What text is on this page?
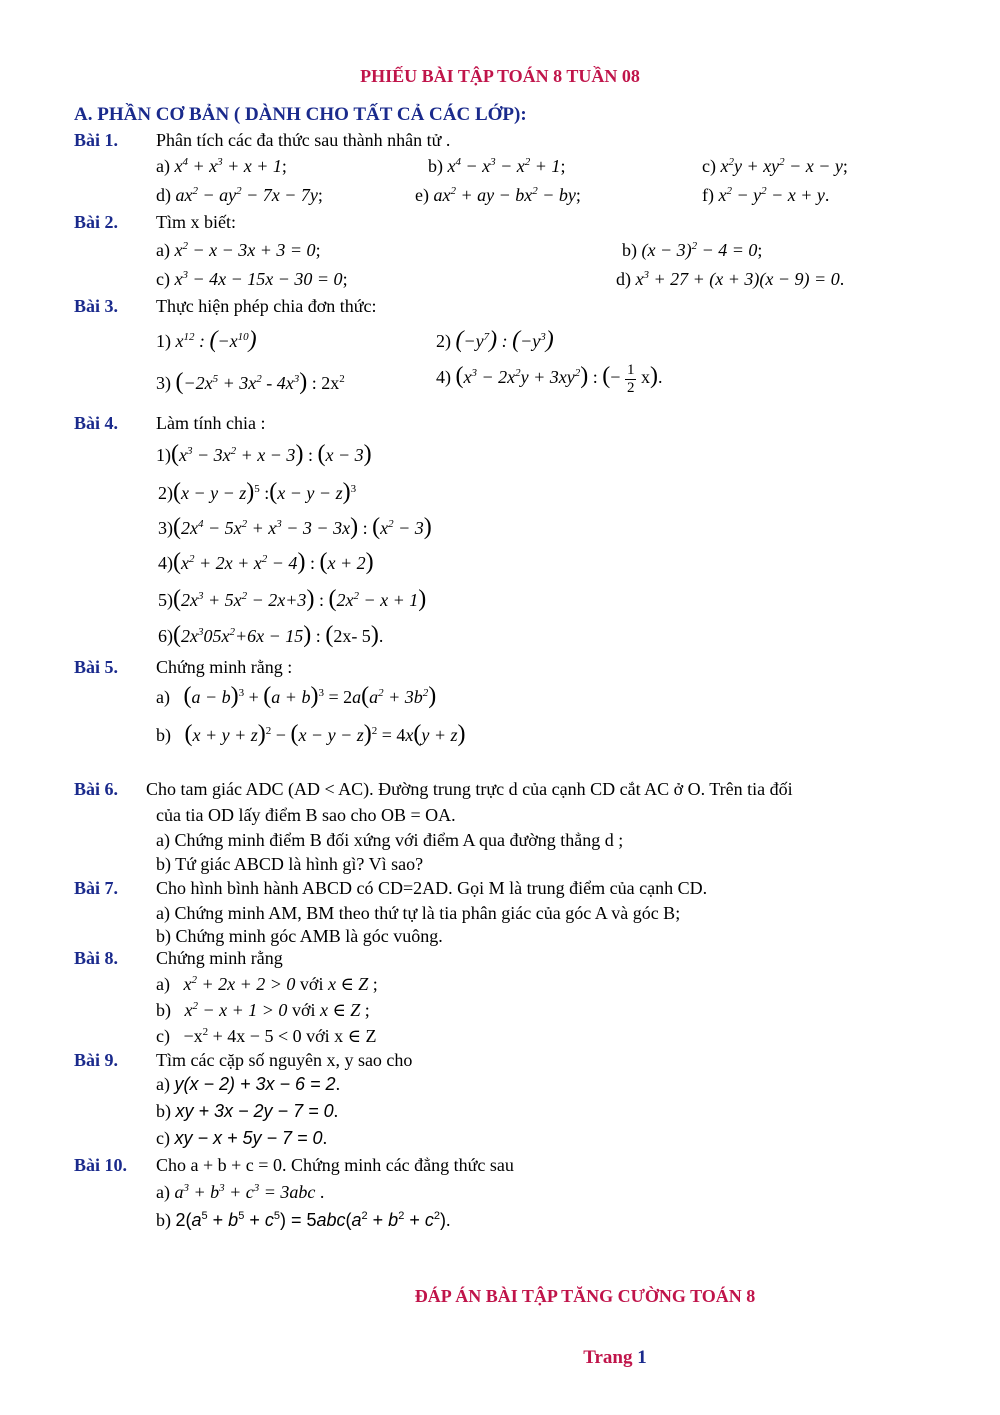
PHIẾU BÀI TẬP TOÁN 8 TUẦN 08
A. PHẦN CƠ BẢN ( DÀNH CHO TẤT CẢ CÁC LỚP):
Bài 1. Phân tích các đa thức sau thành nhân tử .
a) $x^4 + x^3 + x + 1$;	b) $x^4 - x^3 - x^2 + 1$;	c) $x^2y + xy^2 - x - y$;
d) $ax^2 - ay^2 - 7x - 7y$;	e) $ax^2$ + ay − $bx^2$ − by;	f) $x^2 - y^2 - x + y$.
Bài 2. Tìm x biết:
a) $x^2 - x - 3x + 3 = 0$;	b) $(x - 3)^2 - 4 = 0$;
c) $x^3 - 4x - 15x - 30 = 0$;	d) $x^3 + 27 + (x + 3)(x - 9) = 0$.
Bài 3. Thực hiện phép chia đơn thức:
1) $x^{12}$ : $(-x^{10})$	2) $(-y^7)$ : $(-y^3)$
3) $(-2x^5 + 3x^2 - 4x^3)$ : $2x^2$	4) $(x^3 - 2x^2y + 3xy^2)$ : (− $\frac{1}{2} x$).
Bài 4. Làm tính chia :
$1)(x^3 - 3x^2 + x - 3)$ : (x − 3)
$2)(x - y - z)^5$ :(x − y − z)$^3$
$3)(2x^4 - 5x^2 + x^3 - 3 - 3x)$ : $(x^2 - 3)$
$4)(x^2 + 2x + x^2 - 4)$ : (x + 2)
$5)(2x^3 + 5x^2 - 2x+3)$ : $(2x^2 - x + 1)$
$6)(2x^305x^2+6x - 15)$ : (2x- 5).
Bài 5. Chứng minh rằng :
a) $(a - b)^3 + (a + b)^3 = 2a(a^2 + 3b^2)$
b) $(x + y + z)^2 - (x - y - z)^2 = 4x(y + z)$
Bài 6. Cho tam giác ADC (AD < AC). Đường trung trực d của cạnh CD cắt AC ở O. Trên tia đối
của tia OD lấy điểm B sao cho OB = OA.
a) Chứng minh điểm B đối xứng với điểm A qua đường thẳng d ;
b) Tứ giác ABCD là hình gì? Vì sao?
Bài 7. Cho hình bình hành ABCD có CD=2AD. Gọi M là trung điểm của cạnh CD.
a) Chứng minh AM, BM theo thứ tự là tia phân giác của góc A và góc B;
b) Chứng minh góc AMB là góc vuông.
Bài 8. Chứng minh rằng
a) $x^2 + 2x + 2 > 0$ với x ∈ Z ;
b) $x^2 - x + 1 > 0$ với x ∈ Z ;
$c) -x^2 + 4x - 5 < 0$ với x ∈ Z
Bài 9. Tìm các cặp số nguyên x, y sao cho
a) y(x − 2) + 3x − 6 = 2.
b) xy + 3x − 2y − 7 = 0.
c) xy − x + 5y − 7 = 0.
Bài 10. Cho a + b + c = 0. Chứng minh các đẳng thức sau
a) $a^3 + b^3 + c^3 = 3abc$ .
b) $2(a^5 + b^5 + c^5) = 5abc(a^2 + b^2 + c^2)$.
ĐÁP ÁN BÀI TẬP TĂNG CƯỜNG TOÁN 8
Trang 1
